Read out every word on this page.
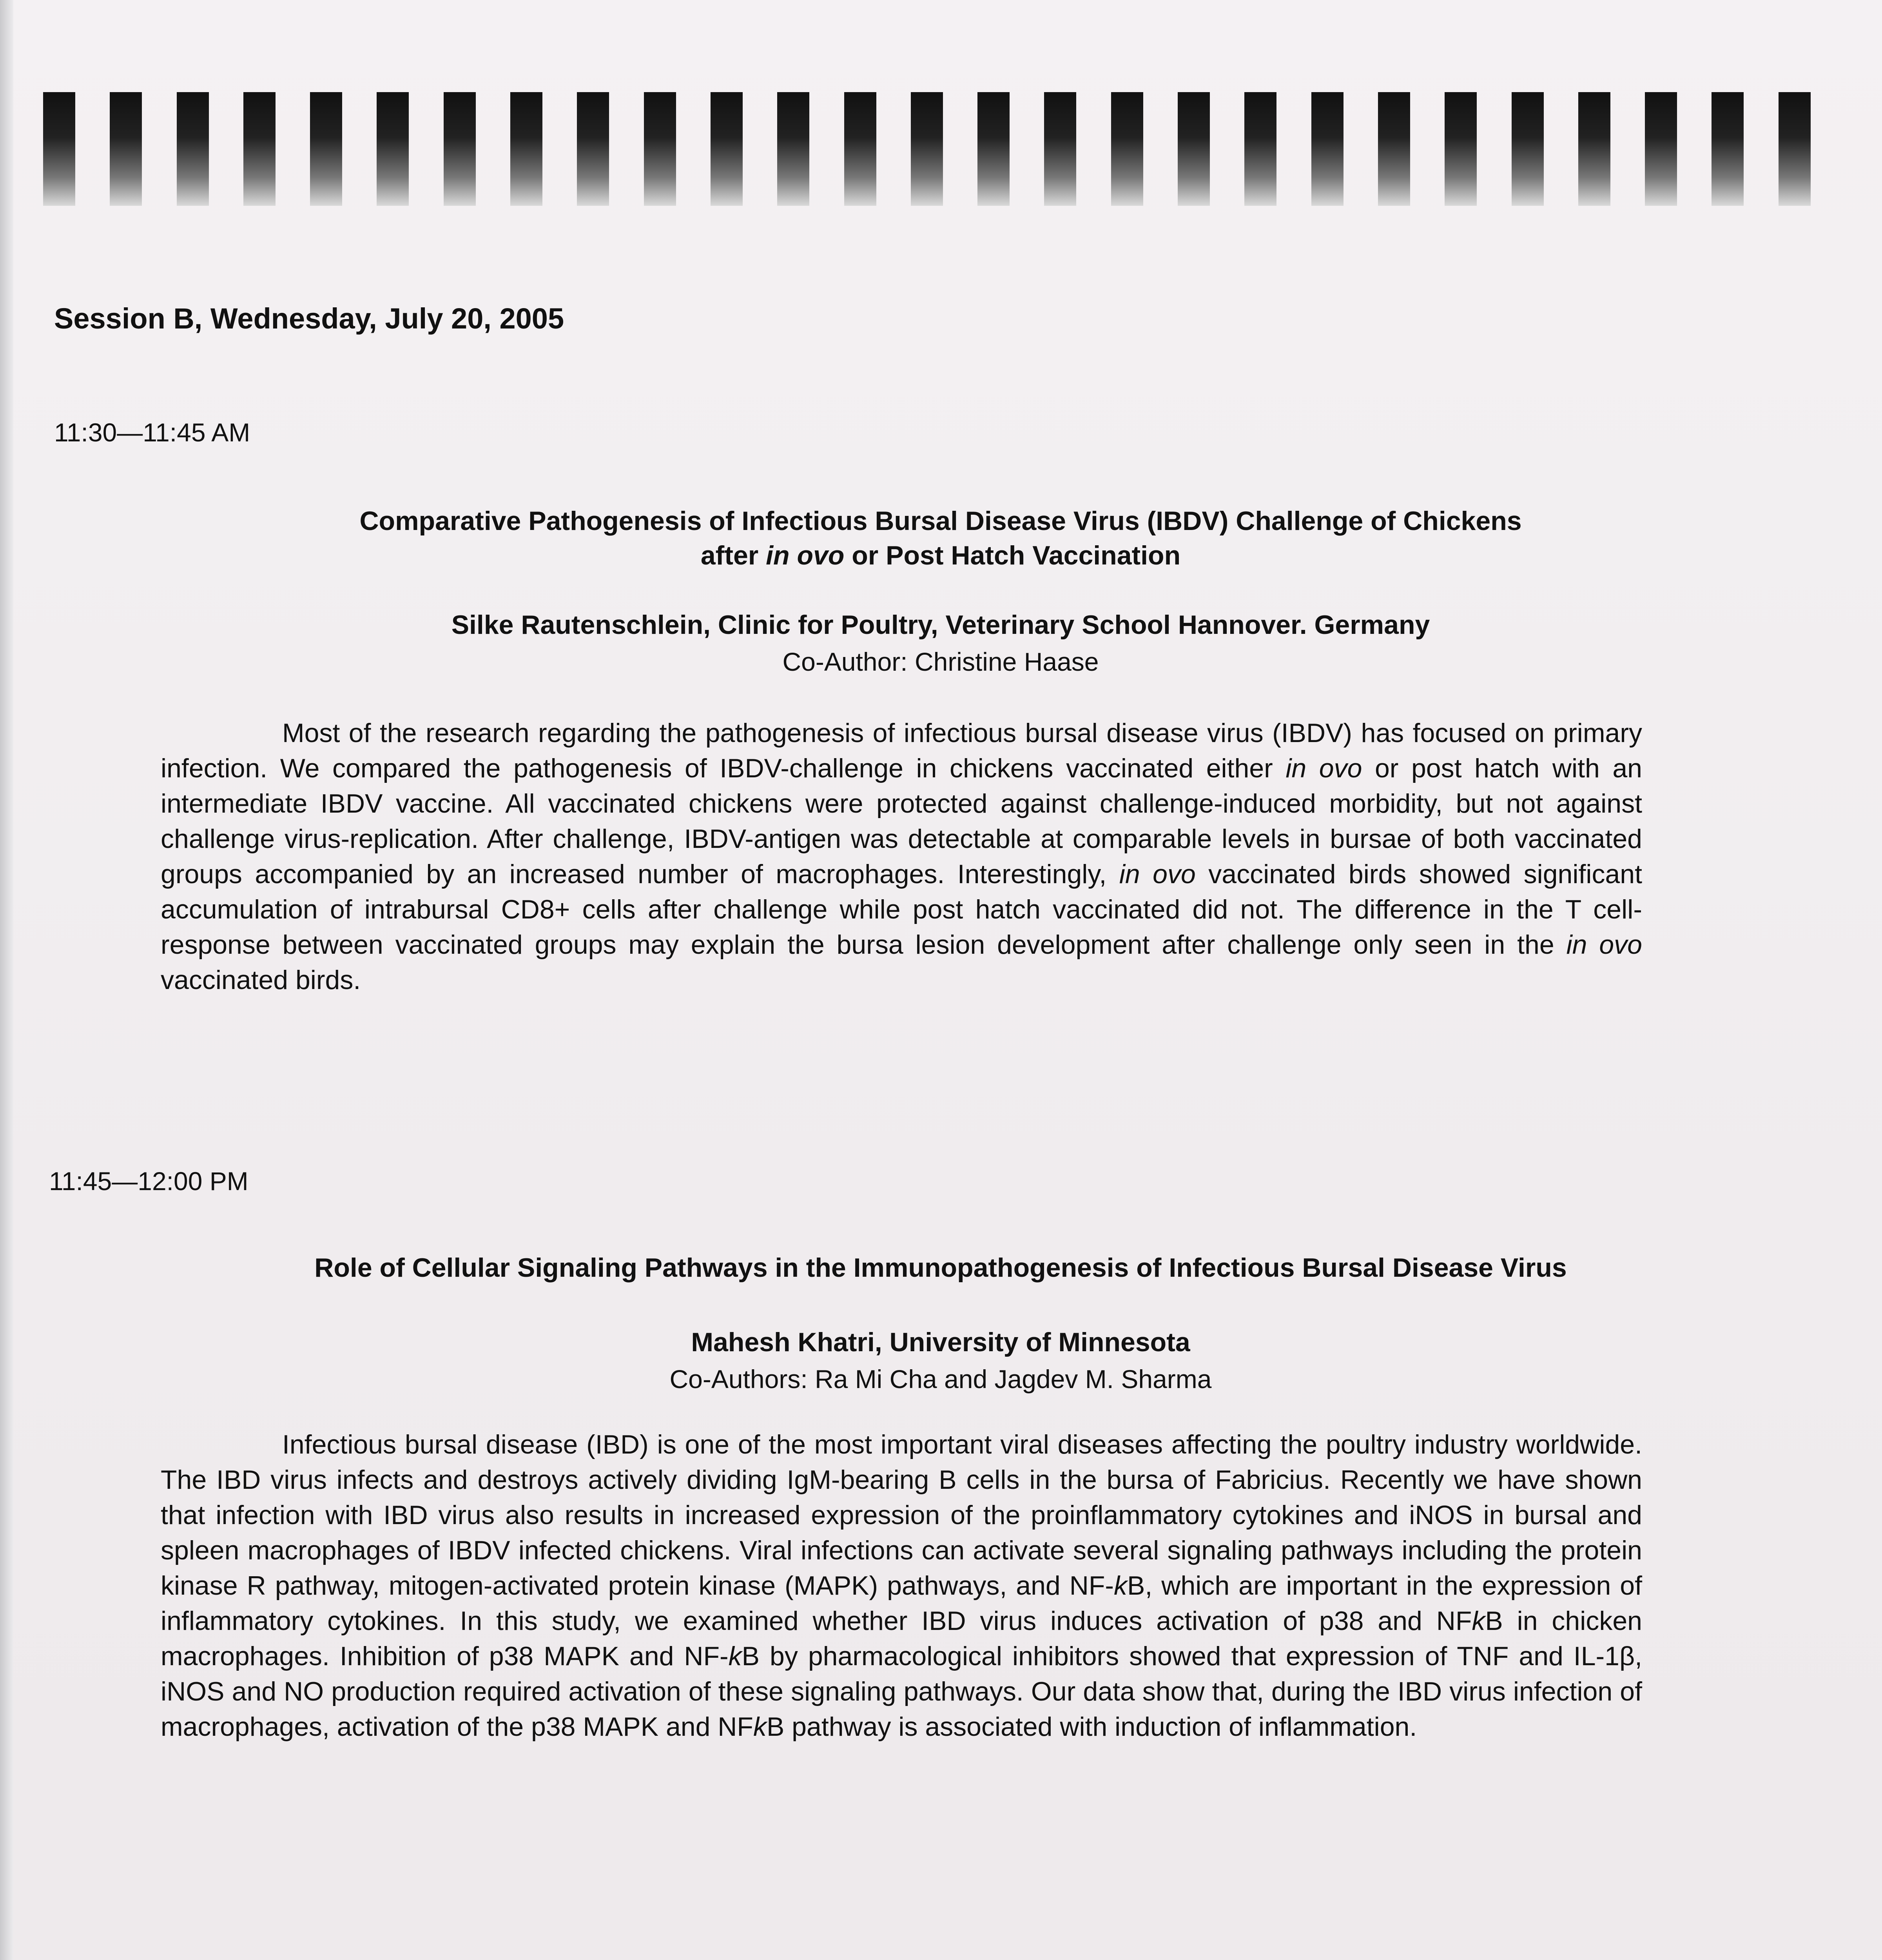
Session B, Wednesday, July 20, 2005
11:30—11:45 AM
Comparative Pathogenesis of Infectious Bursal Disease Virus (IBDV) Challenge of Chickens
after in ovo or Post Hatch Vaccination
Silke Rautenschlein, Clinic for Poultry, Veterinary School Hannover. Germany
Co-Author: Christine Haase
Most of the research regarding the pathogenesis of infectious bursal disease virus (IBDV) has focused on primary infection. We compared the pathogenesis of IBDV-challenge in chickens vaccinated either in ovo or post hatch with an intermediate IBDV vaccine. All vaccinated chickens were protected against challenge-induced morbidity, but not against challenge virus-replication. After challenge, IBDV-antigen was detectable at comparable levels in bursae of both vaccinated groups accompanied by an increased number of macrophages. Interestingly, in ovo vaccinated birds showed significant accumulation of intrabursal CD8+ cells after challenge while post hatch vaccinated did not. The difference in the T cell-response between vaccinated groups may explain the bursa lesion development after challenge only seen in the in ovo vaccinated birds.
11:45—12:00 PM
Role of Cellular Signaling Pathways in the Immunopathogenesis of Infectious Bursal Disease Virus
Mahesh Khatri, University of Minnesota
Co-Authors: Ra Mi Cha and Jagdev M. Sharma
Infectious bursal disease (IBD) is one of the most important viral diseases affecting the poultry industry worldwide. The IBD virus infects and destroys actively dividing IgM-bearing B cells in the bursa of Fabricius. Recently we have shown that infection with IBD virus also results in increased expression of the proinflammatory cytokines and iNOS in bursal and spleen macrophages of IBDV infected chickens. Viral infections can activate several signaling pathways including the protein kinase R pathway, mitogen-activated protein kinase (MAPK) pathways, and NF-kB, which are important in the expression of inflammatory cytokines. In this study, we examined whether IBD virus induces activation of p38 and NFkB in chicken macrophages. Inhibition of p38 MAPK and NF-kB by pharmacological inhibitors showed that expression of TNF and IL-1β, iNOS and NO production required activation of these signaling pathways. Our data show that, during the IBD virus infection of macrophages, activation of the p38 MAPK and NFkB pathway is associated with induction of inflammation.
